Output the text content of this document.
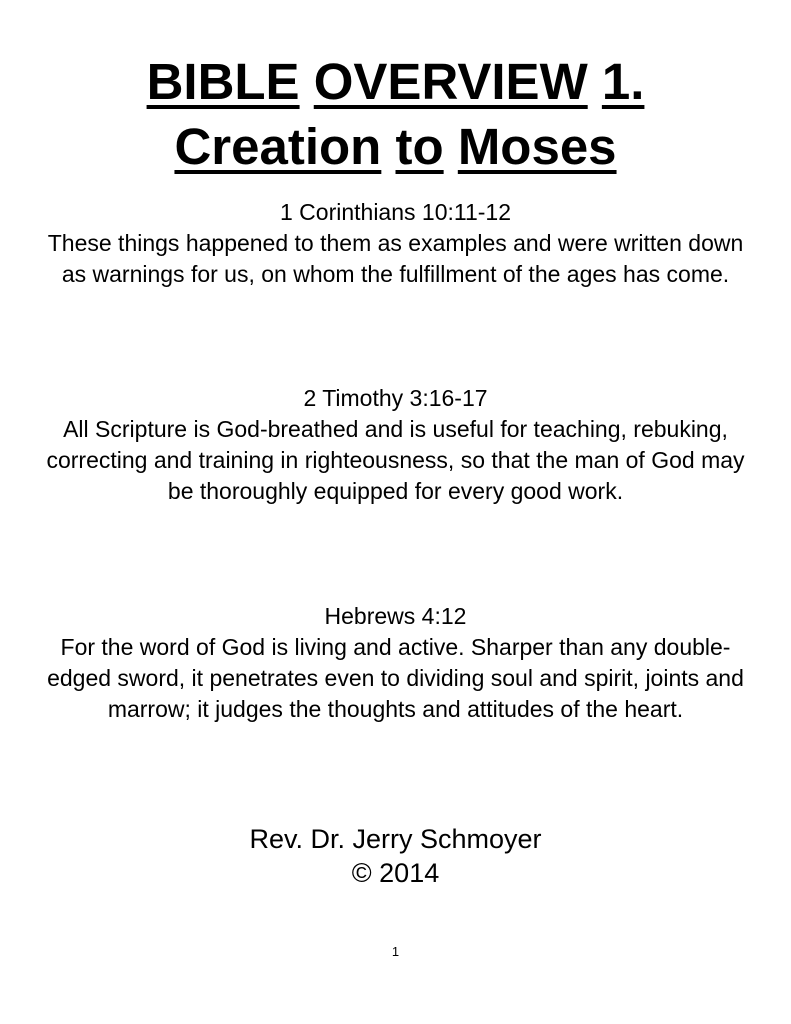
BIBLE OVERVIEW 1.
Creation to Moses
1 Corinthians 10:11-12
These things happened to them as examples and were written down as warnings for us, on whom the fulfillment of the ages has come.
2 Timothy 3:16-17
All Scripture is God-breathed and is useful for teaching, rebuking, correcting and training in righteousness, so that the man of God may be thoroughly equipped for every good work.
Hebrews 4:12
For the word of God is living and active. Sharper than any double-edged sword, it penetrates even to dividing soul and spirit, joints and marrow; it judges the thoughts and attitudes of the heart.
Rev. Dr. Jerry Schmoyer
© 2014
1
